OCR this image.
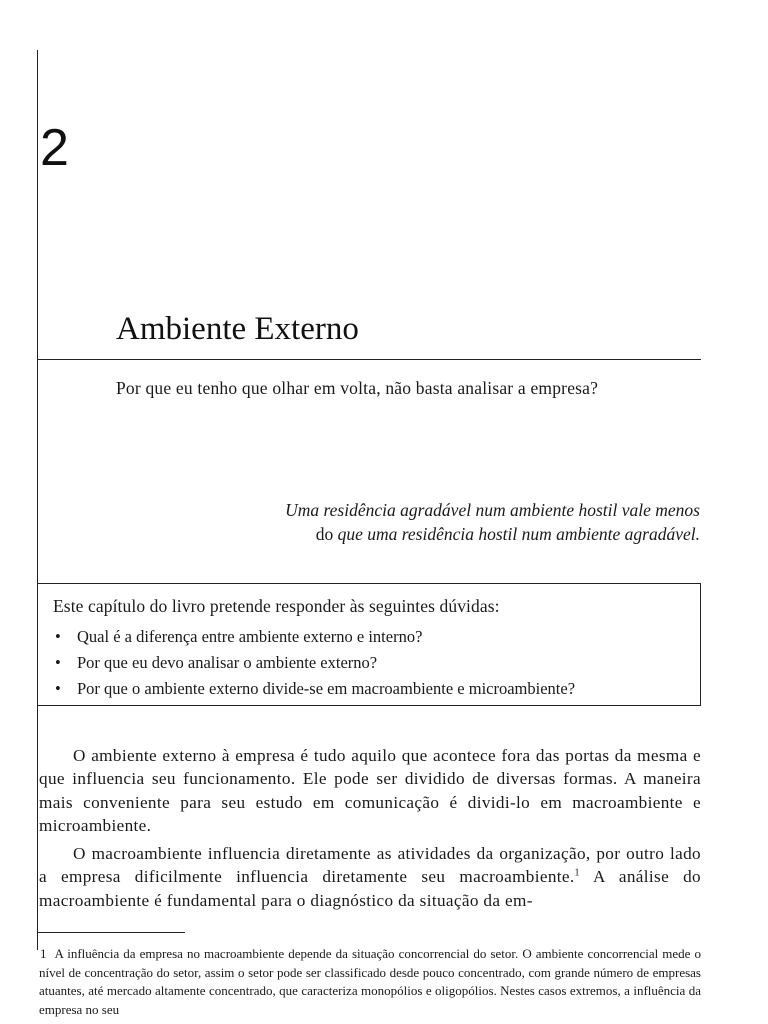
2
Ambiente Externo
Por que eu tenho que olhar em volta, não basta analisar a empresa?
Uma residência agradável num ambiente hostil vale menos
do que uma residência hostil num ambiente agradável.
Este capítulo do livro pretende responder às seguintes dúvidas:
• Qual é a diferença entre ambiente externo e interno?
• Por que eu devo analisar o ambiente externo?
• Por que o ambiente externo divide-se em macroambiente e microambiente?

O ambiente externo à empresa é tudo aquilo que acontece fora das portas da mesma e que influencia seu funcionamento. Ele pode ser dividido de diversas formas. A maneira mais conveniente para seu estudo em comunicação é dividi-lo em macroambiente e microambiente.

O macroambiente influencia diretamente as atividades da organização, por outro lado a empresa dificilmente influencia diretamente seu macroambiente.$^1$ A análise do macroambiente é fundamental para o diagnóstico da situação da em-

1 A influência da empresa no macroambiente depende da situação concorrencial do setor. O ambiente concorrencial mede o nível de concentração do setor, assim o setor pode ser classificado desde pouco concentrado, com grande número de empresas atuantes, até mercado altamente concentrado, que caracteriza monopólios e oligopólios. Nestes casos extremos, a influência da empresa no seu
